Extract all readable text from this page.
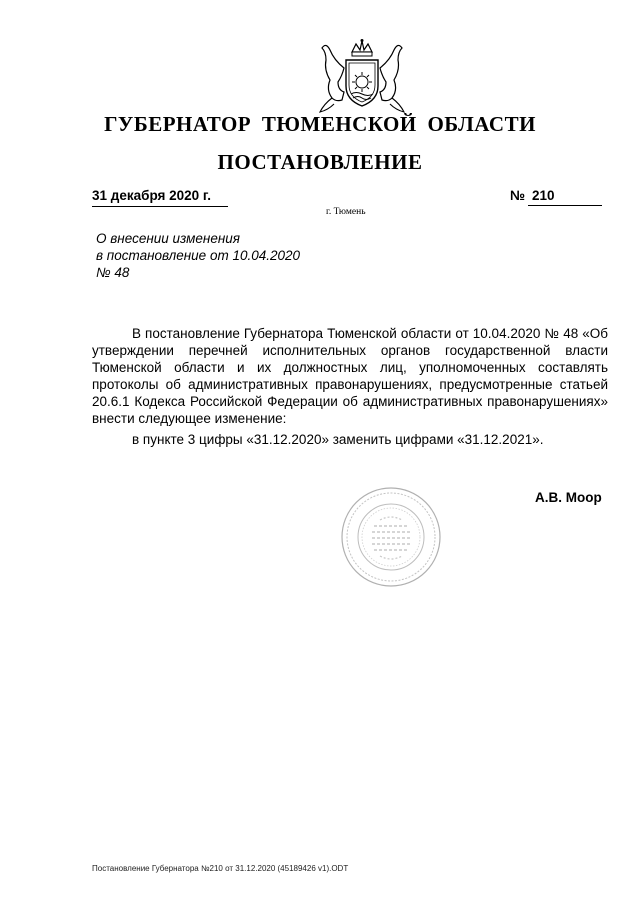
ГУБЕРНАТОР ТЮМЕНСКОЙ ОБЛАСТИ
ПОСТАНОВЛЕНИЕ
31 декабря 2020 г.	№ 210
г. Тюмень
О внесении изменения
в постановление от 10.04.2020
№ 48

В постановление Губернатора Тюменской области от 10.04.2020 № 48 «Об утверждении перечней исполнительных органов государственной власти Тюменской области и их должностных лиц, уполномоченных составлять протоколы об административных правонарушениях, предусмотренные статьей 20.6.1 Кодекса Российской Федерации об административных правонарушениях» внести следующее изменение:

в пункте 3 цифры «31.12.2020» заменить цифрами «31.12.2021».

А.В. Моор
Постановление Губернатора №210 от 31.12.2020 (45189426 v1).ODT
